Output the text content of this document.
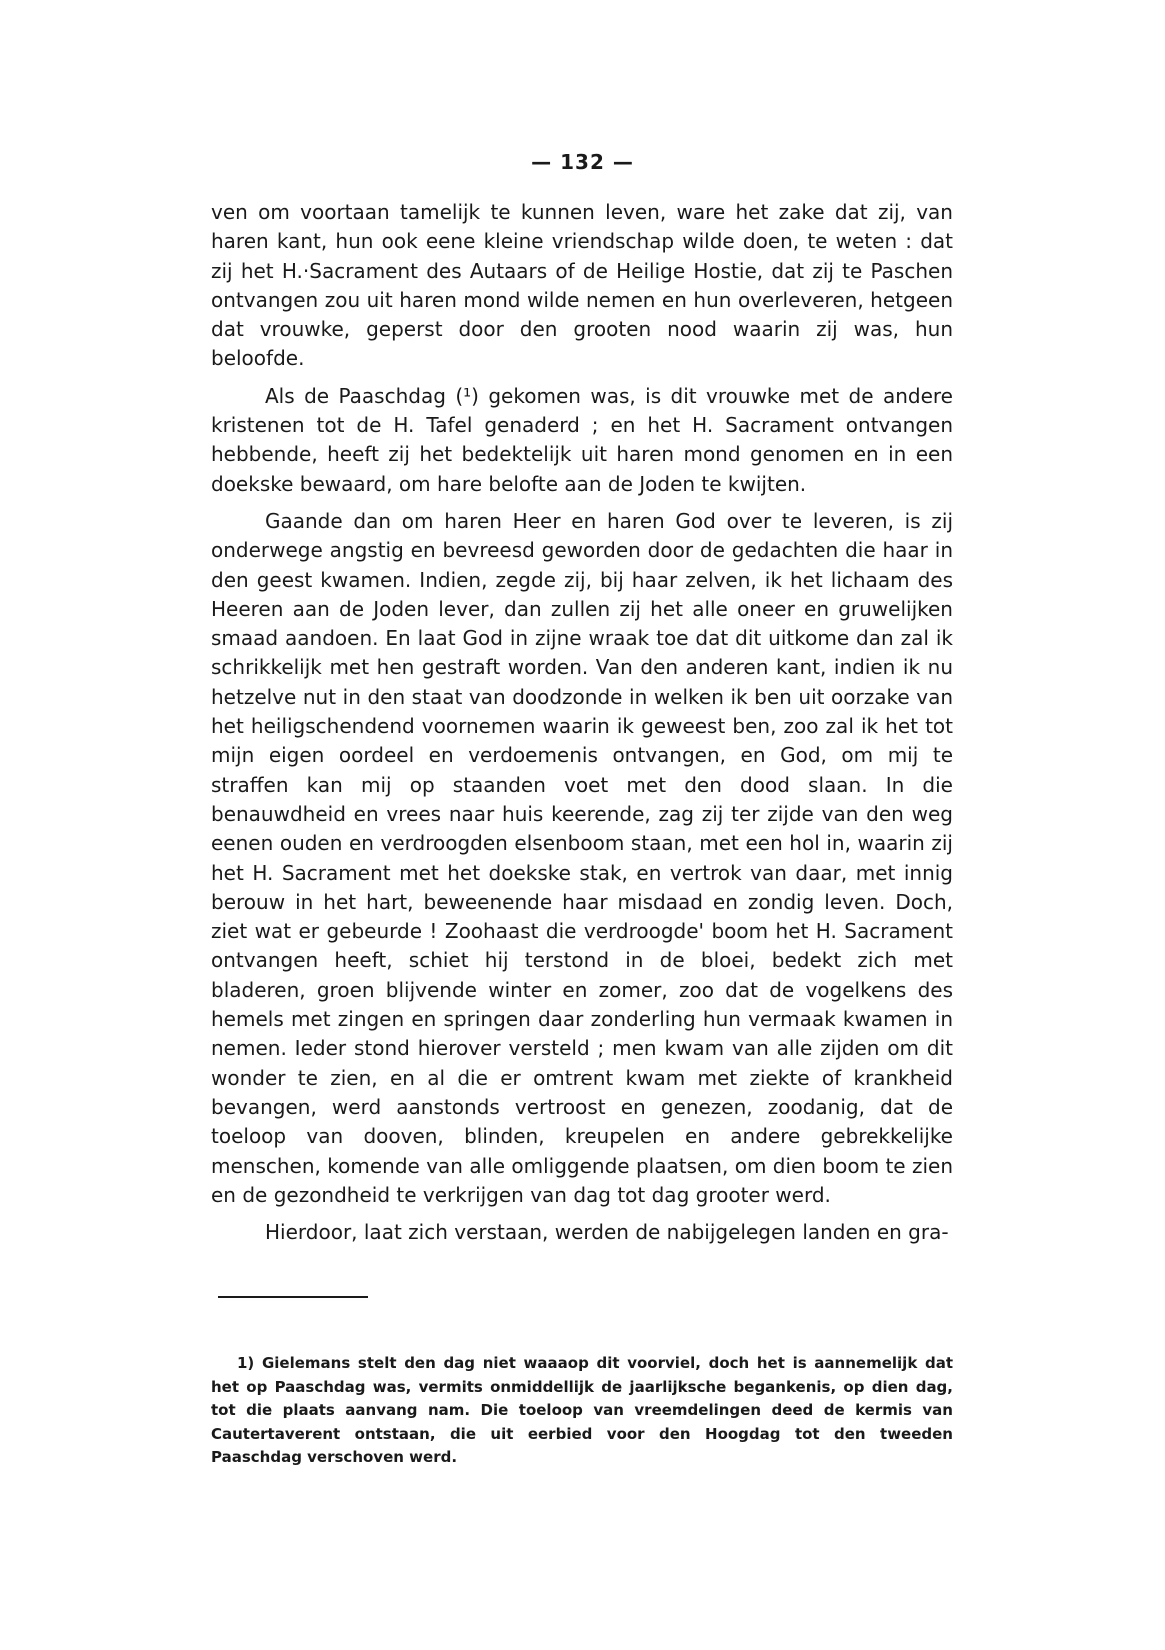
— 132 —

ven om voortaan tamelijk te kunnen leven, ware het zake dat zij, van haren kant, hun ook eene kleine vriendschap wilde doen, te weten : dat zij het H.·Sacrament des Autaars of de Heilige Hostie, dat zij te Paschen ontvangen zou uit haren mond wilde nemen en hun overleveren, hetgeen dat vrouwke, geperst door den grooten nood waarin zij was, hun beloofde.

Als de Paaschdag (¹) gekomen was, is dit vrouwke met de andere kristenen tot de H. Tafel genaderd ; en het H. Sacrament ontvangen hebbende, heeft zij het bedektelijk uit haren mond genomen en in een doekske bewaard, om hare belofte aan de Joden te kwijten.

Gaande dan om haren Heer en haren God over te leveren, is zij onderwege angstig en bevreesd geworden door de gedachten die haar in den geest kwamen. Indien, zegde zij, bij haar zelven, ik het lichaam des Heeren aan de Joden lever, dan zullen zij het alle oneer en gruwelijken smaad aandoen. En laat God in zijne wraak toe dat dit uitkome dan zal ik schrikkelijk met hen gestraft worden. Van den anderen kant, indien ik nu hetzelve nut in den staat van doodzonde in welken ik ben uit oorzake van het heiligschendend voornemen waarin ik geweest ben, zoo zal ik het tot mijn eigen oordeel en verdoemenis ontvangen, en God, om mij te straffen kan mij op staanden voet met den dood slaan. In die benauwdheid en vrees naar huis keerende, zag zij ter zijde van den weg eenen ouden en verdroogden elsenboom staan, met een hol in, waarin zij het H. Sacrament met het doekske stak, en vertrok van daar, met innig berouw in het hart, beweenende haar misdaad en zondig leven. Doch, ziet wat er gebeurde ! Zoohaast die verdroogde' boom het H. Sacrament ontvangen heeft, schiet hij terstond in de bloei, bedekt zich met bladeren, groen blijvende winter en zomer, zoo dat de vogelkens des hemels met zingen en springen daar zonderling hun vermaak kwamen in nemen. Ieder stond hierover versteld ; men kwam van alle zijden om dit wonder te zien, en al die er omtrent kwam met ziekte of krankheid bevangen, werd aanstonds vertroost en genezen, zoodanig, dat de toeloop van dooven, blinden, kreupelen en andere gebrekkelijke menschen, komende van alle omliggende plaatsen, om dien boom te zien en de gezondheid te verkrijgen van dag tot dag grooter werd.

Hierdoor, laat zich verstaan, werden de nabijgelegen landen en gra-

1) Gielemans stelt den dag niet waaaop dit voorviel, doch het is aannemelijk dat het op Paaschdag was, vermits onmiddellijk de jaarlijksche begankenis, op dien dag, tot die plaats aanvang nam. Die toeloop van vreemdelingen deed de kermis van Cautertaverent ontstaan, die uit eerbied voor den Hoogdag tot den tweeden Paaschdag verschoven werd.
